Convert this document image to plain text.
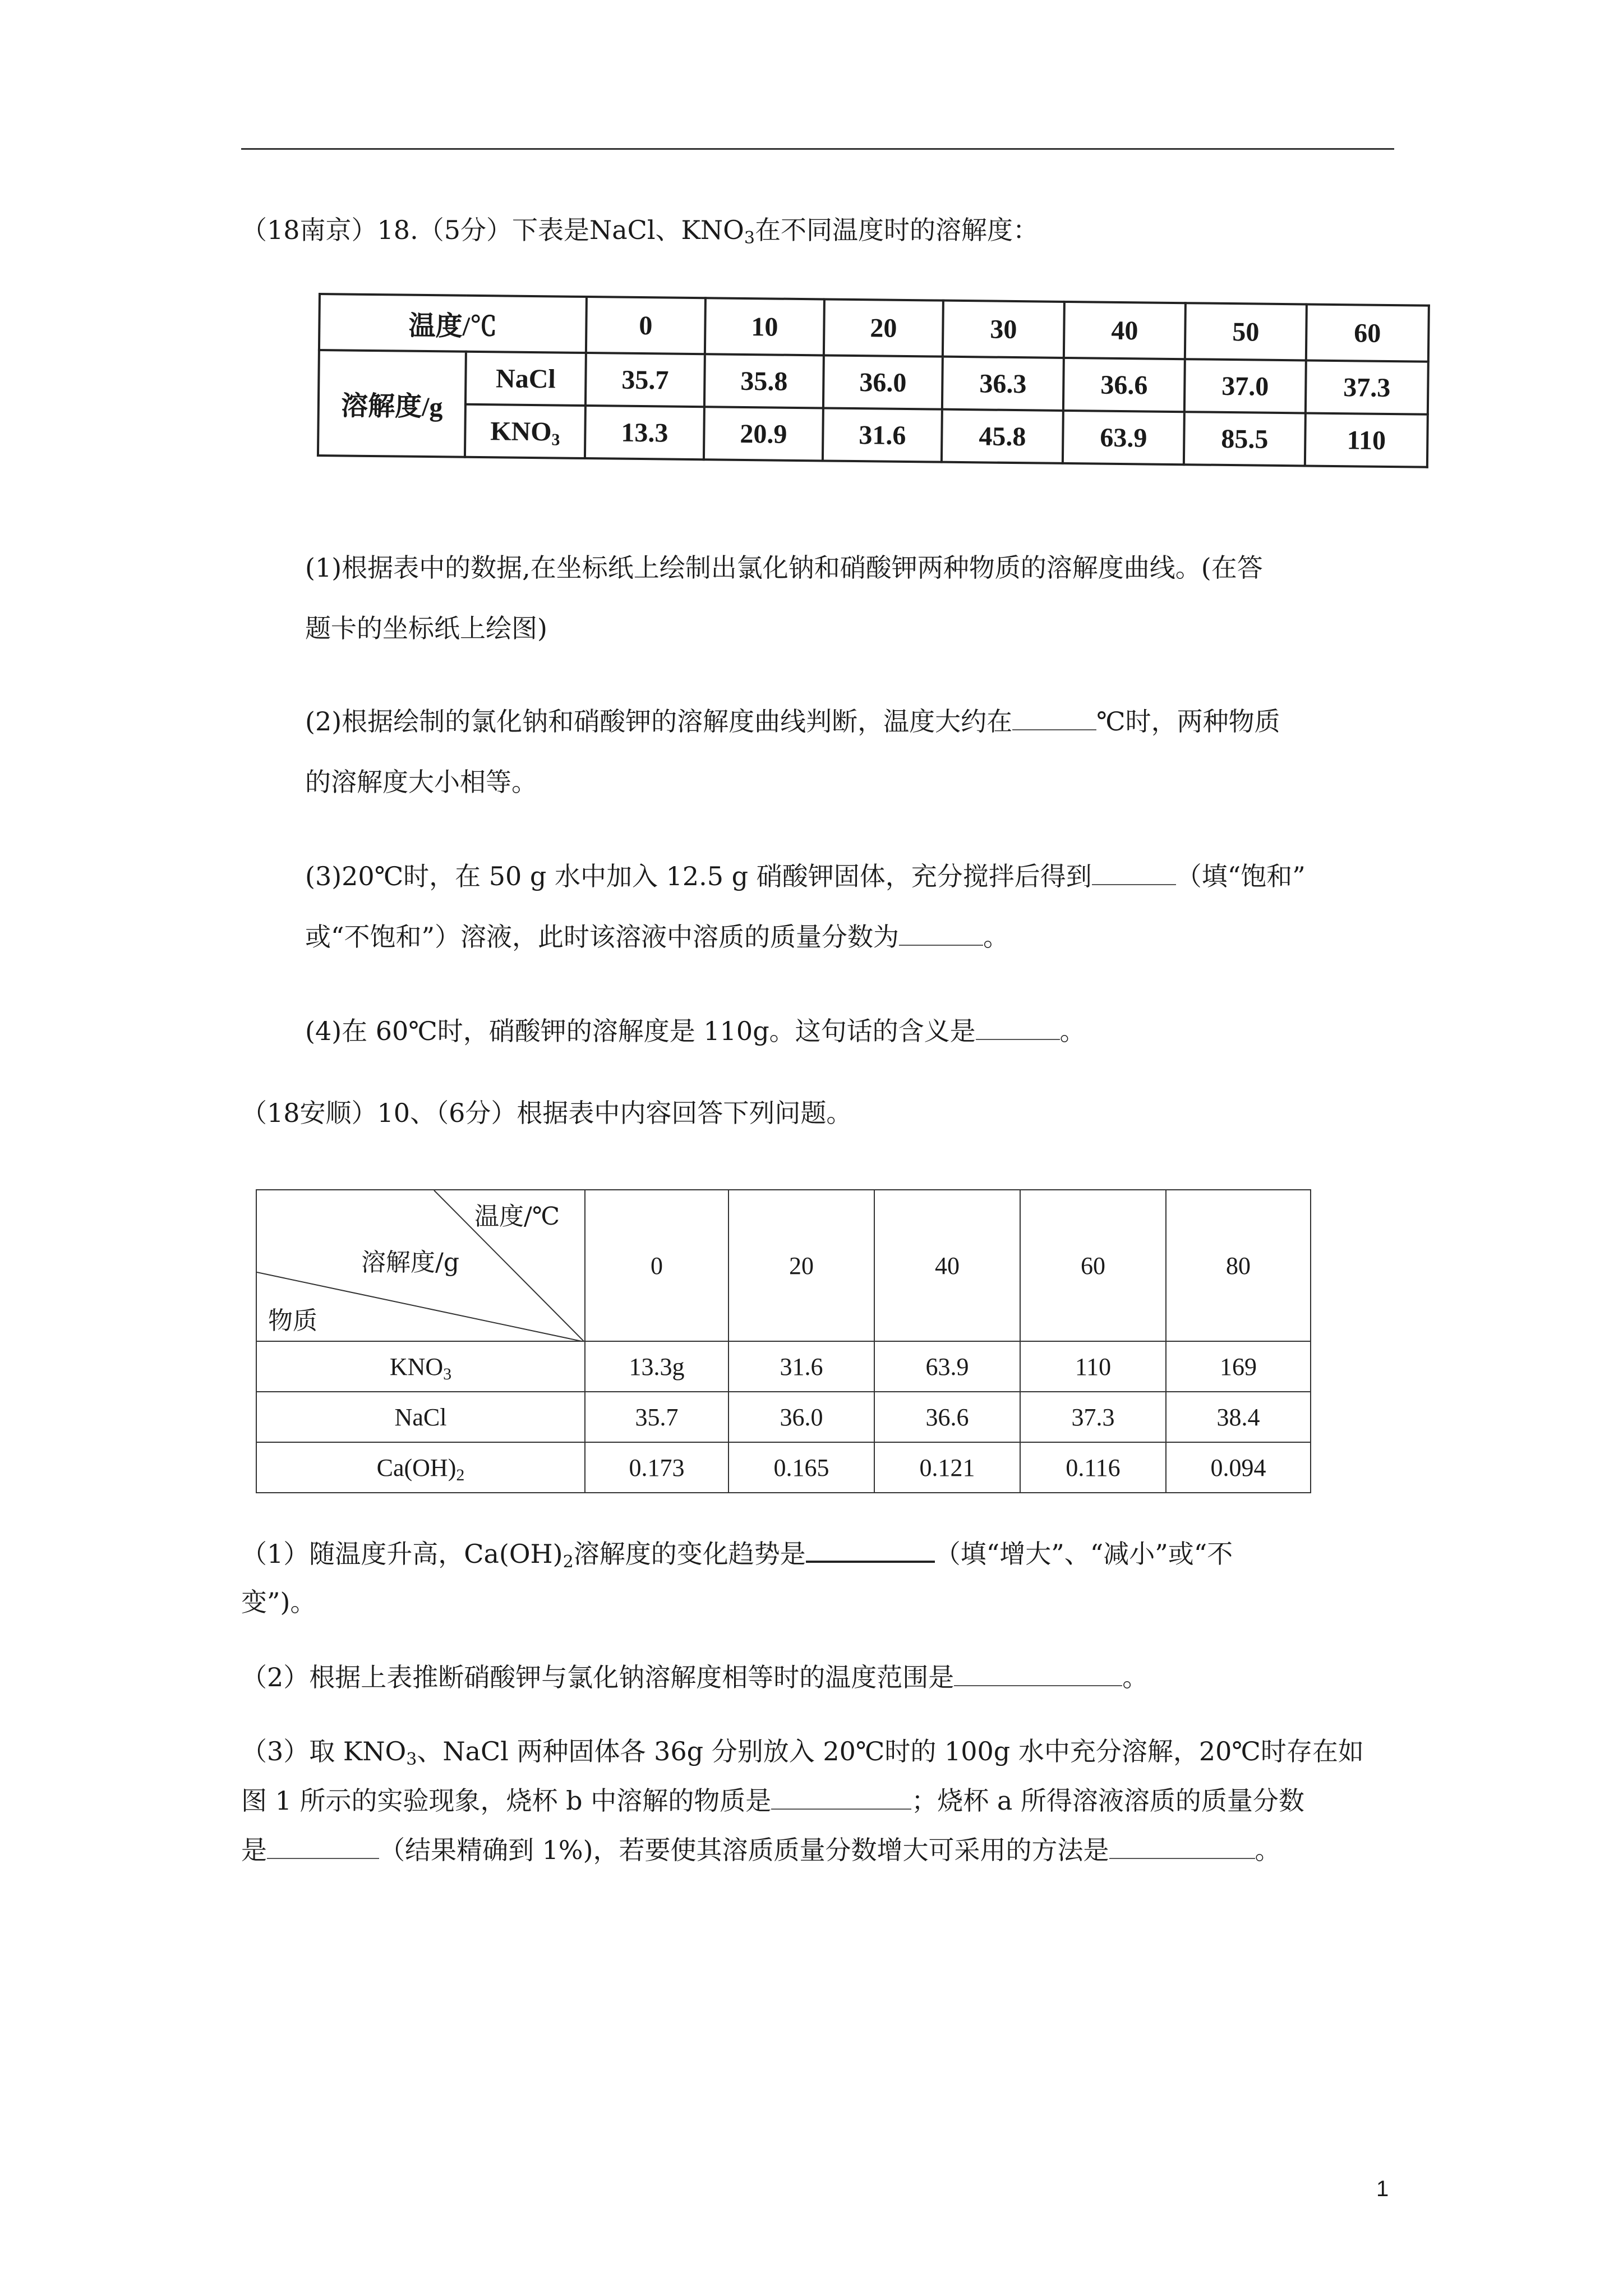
（18南京）18.（5分）下表是NaCl、$KNO_3$在不同温度时的溶解度：
温度/℃		0	10	20	30	40	50	60
溶解度/g	NaCl	35.7	35.8	36.0	36.3	36.6	37.0	37.3
	$KNO_3$	13.3	20.9	31.6	45.8	63.9	85.5	110
(1)根据表中的数据,在坐标纸上绘制出氯化钠和硝酸钾两种物质的溶解度曲线。(在答
题卡的坐标纸上绘图)
(2)根据绘制的氯化钠和硝酸钾的溶解度曲线判断，温度大约在	℃时，两种物质
的溶解度大小相等。
(3)20℃时，在 50 g 水中加入 12.5 g 硝酸钾固体，充分搅拌后得到	（填“饱和”
或“不饱和”）溶液，此时该溶液中溶质的质量分数为	。
(4)在 60℃时，硝酸钾的溶解度是 110g。这句话的含义是	。
（18安顺）10、（6分）根据表中内容回答下列问题。
温度/℃
溶解度/g
物质	0	20	40	60	80
$KNO_3$	13.3g	31.6	63.9	110	169
NaCl	35.7	36.0	36.6	37.3	38.4
$Ca(OH)_2$	0.173	0.165	0.121	0.116	0.094
（1）随温度升高，$Ca(OH)_2$溶解度的变化趋势是	（填“增大”、“减小”或“不
变”)。
（2）根据上表推断硝酸钾与氯化钠溶解度相等时的温度范围是	。
（3）取 $KNO_3$、NaCl 两种固体各 36g 分别放入 20℃时的 100g 水中充分溶解，20℃时存在如
图 1 所示的实验现象，烧杯 b 中溶解的物质是	；烧杯 a 所得溶液溶质的质量分数
是	（结果精确到 1%)，若要使其溶质质量分数增大可采用的方法是	。
1
